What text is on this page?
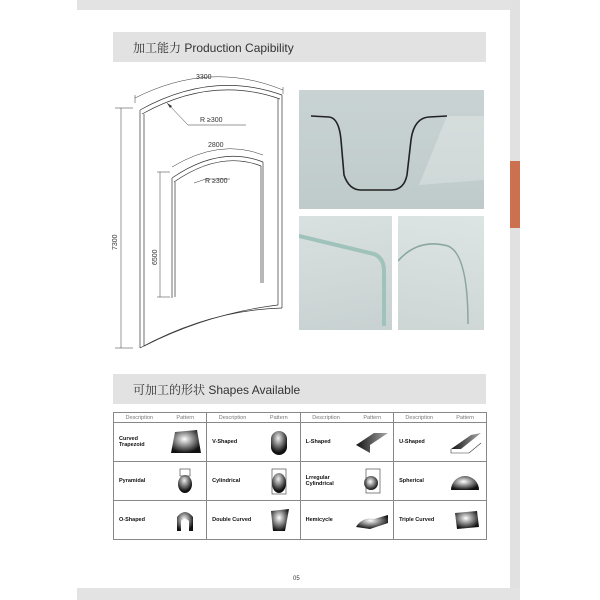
加工能力 Production Capibility
3300
R ≥300
2800
R ≥300
7300
6500
可加工的形状 Shapes Available
Description	Pattern	Description	Pattern	Description	Pattern	Description	Pattern
Curved Trapezoid		V-Shaped		L-Shaped		U-Shaped	

Pyramidal		Cylindrical		Lrregular Cylindrical		Spherical	

O-Shaped		Double Curved		Hemicycle		Triple Curved	
05
